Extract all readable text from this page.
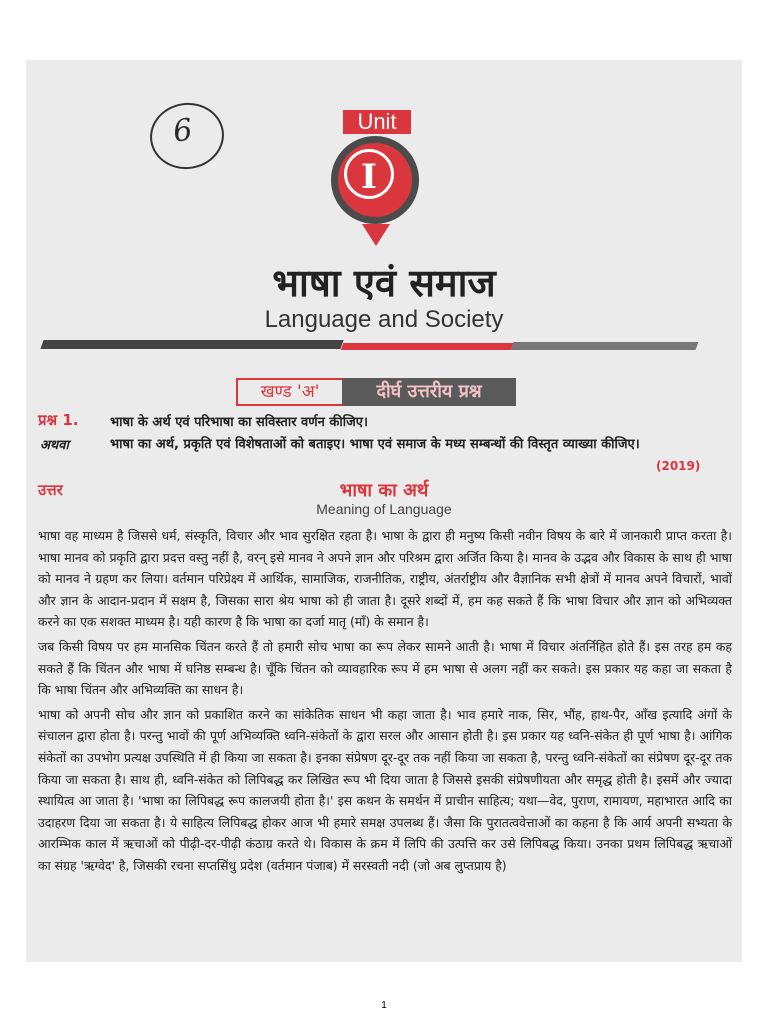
6	Unit
I
भाषा एवं समाज
Language and Society
खण्ड 'अ'	दीर्घ उत्तरीय प्रश्न
प्रश्न 1. भाषा के अर्थ एवं परिभाषा का सविस्तार वर्णन कीजिए।
अथवा	भाषा का अर्थ, प्रकृति एवं विशेषताओं को बताइए। भाषा एवं समाज के मध्य सम्बन्धों की विस्तृत व्याख्या कीजिए।
(2019)
उत्तर	भाषा का अर्थ
Meaning of Language

भाषा वह माध्यम है जिससे धर्म, संस्कृति, विचार और भाव सुरक्षित रहता है। भाषा के द्वारा ही मनुष्य किसी नवीन विषय के बारे में जानकारी प्राप्त करता है। भाषा मानव को प्रकृति द्वारा प्रदत्त वस्तु नहीं है, वरन् इसे मानव ने अपने ज्ञान और परिश्रम द्वारा अर्जित किया है। मानव के उद्भव और विकास के साथ ही भाषा को मानव ने ग्रहण कर लिया। वर्तमान परिप्रेक्ष्य में आर्थिक, सामाजिक, राजनीतिक, राष्ट्रीय, अंतर्राष्ट्रीय और वैज्ञानिक सभी क्षेत्रों में मानव अपने विचारों, भावों और ज्ञान के आदान-प्रदान में सक्षम है, जिसका सारा श्रेय भाषा को ही जाता है। दूसरे शब्दों में, हम कह सकते हैं कि भाषा विचार और ज्ञान को अभिव्यक्त करने का एक सशक्त माध्यम है। यही कारण है कि भाषा का दर्जा मातृ (माँ) के समान है।

जब किसी विषय पर हम मानसिक चिंतन करते हैं तो हमारी सोच भाषा का रूप लेकर सामने आती है। भाषा में विचार अंतर्निहित होते हैं। इस तरह हम कह सकते हैं कि चिंतन और भाषा में घनिष्ठ सम्बन्ध है। चूँकि चिंतन को व्यावहारिक रूप में हम भाषा से अलग नहीं कर सकते। इस प्रकार यह कहा जा सकता है कि भाषा चिंतन और अभिव्यक्ति का साधन है।

भाषा को अपनी सोच और ज्ञान को प्रकाशित करने का सांकेतिक साधन भी कहा जाता है। भाव हमारे नाक, सिर, भौंह, हाथ-पैर, आँख इत्यादि अंगों के संचालन द्वारा होता है। परन्तु भावों की पूर्ण अभिव्यक्ति ध्वनि-संकेतों के द्वारा सरल और आसान होती है। इस प्रकार यह ध्वनि-संकेत ही पूर्ण भाषा है। आंगिक संकेतों का उपभोग प्रत्यक्ष उपस्थिति में ही किया जा सकता है। इनका संप्रेषण दूर-दूर तक नहीं किया जा सकता है, परन्तु ध्वनि-संकेतों का संप्रेषण दूर-दूर तक किया जा सकता है। साथ ही, ध्वनि-संकेत को लिपिबद्ध कर लिखित रूप भी दिया जाता है जिससे इसकी संप्रेषणीयता और समृद्ध होती है। इसमें और ज्यादा स्थायित्व आ जाता है। 'भाषा का लिपिबद्ध रूप कालजयी होता है।' इस कथन के समर्थन में प्राचीन साहित्य; यथा—वेद, पुराण, रामायण, महाभारत आदि का उदाहरण दिया जा सकता है। ये साहित्य लिपिबद्ध होकर आज भी हमारे समक्ष उपलब्ध हैं। जैसा कि पुरातत्ववेत्ताओं का कहना है कि आर्य अपनी सभ्यता के आरम्भिक काल में ऋचाओं को पीढ़ी-दर-पीढ़ी कंठाग्र करते थे। विकास के क्रम में लिपि की उत्पत्ति कर उसे लिपिबद्ध किया। उनका प्रथम लिपिबद्ध ऋचाओं का संग्रह 'ऋग्वेद' है, जिसकी रचना सप्तसिंधु प्रदेश (वर्तमान पंजाब) में सरस्वती नदी (जो अब लुप्तप्राय है)

1
